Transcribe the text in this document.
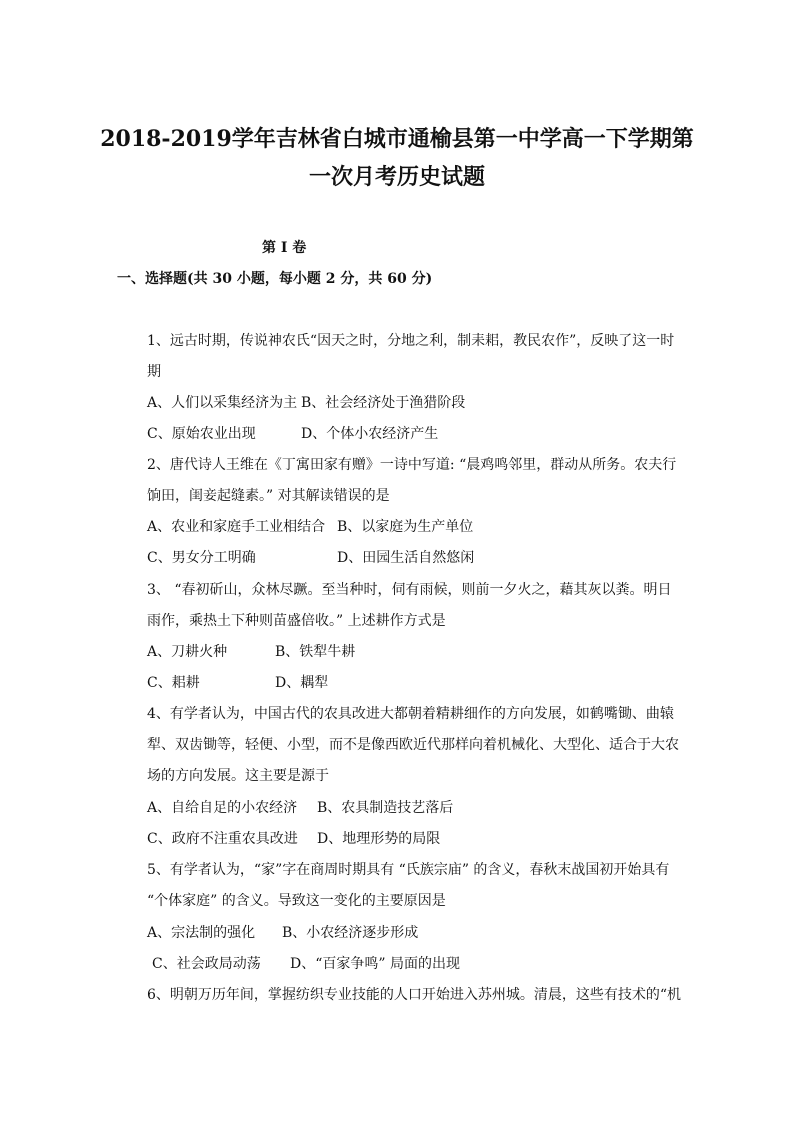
2018-2019学年吉林省白城市通榆县第一中学高一下学期第
一次月考历史试题
第 I 卷
一、选择题(共 30 小题，每小题 2 分，共 60 分)
1、远古时期，传说神农氏“因天之时，分地之利，制耒耜，教民农作”，反映了这一时
期
A、人们以采集经济为主 B、社会经济处于渔猎阶段
C、原始农业出现	D、个体小农经济产生
2、唐代诗人王维在《丁寓田家有赠》一诗中写道: “晨鸡鸣邻里，群动从所务。农夫行
饷田，闺妾起缝素。” 对其解读错误的是
A、农业和家庭手工业相结合 B、以家庭为生产单位
C、男女分工明确	D、田园生活自然悠闲
3、 “春初斫山，众林尽蹶。至当种时，伺有雨候，则前一夕火之，藉其灰以粪。明日
雨作，乘热土下种则苗盛倍收。” 上述耕作方式是
A、刀耕火种	B、铁犁牛耕
C、耜耕	D、耦犁
4、有学者认为，中国古代的农具改进大都朝着精耕细作的方向发展，如鹤嘴锄、曲辕
犁、双齿锄等，轻便、小型，而不是像西欧近代那样向着机械化、大型化、适合于大农
场的方向发展。这主要是源于
A、自给自足的小农经济 B、农具制造技艺落后
C、政府不注重农具改进 D、地理形势的局限
5、有学者认为，“家”字在商周时期具有 “氏族宗庙” 的含义，春秋末战国初开始具有
“个体家庭” 的含义。导致这一变化的主要原因是
A、宗法制的强化 B、小农经济逐步形成
C、社会政局动荡 D、“百家争鸣” 局面的出现
6、明朝万历年间，掌握纺织专业技能的人口开始进入苏州城。清晨，这些有技术的“机
